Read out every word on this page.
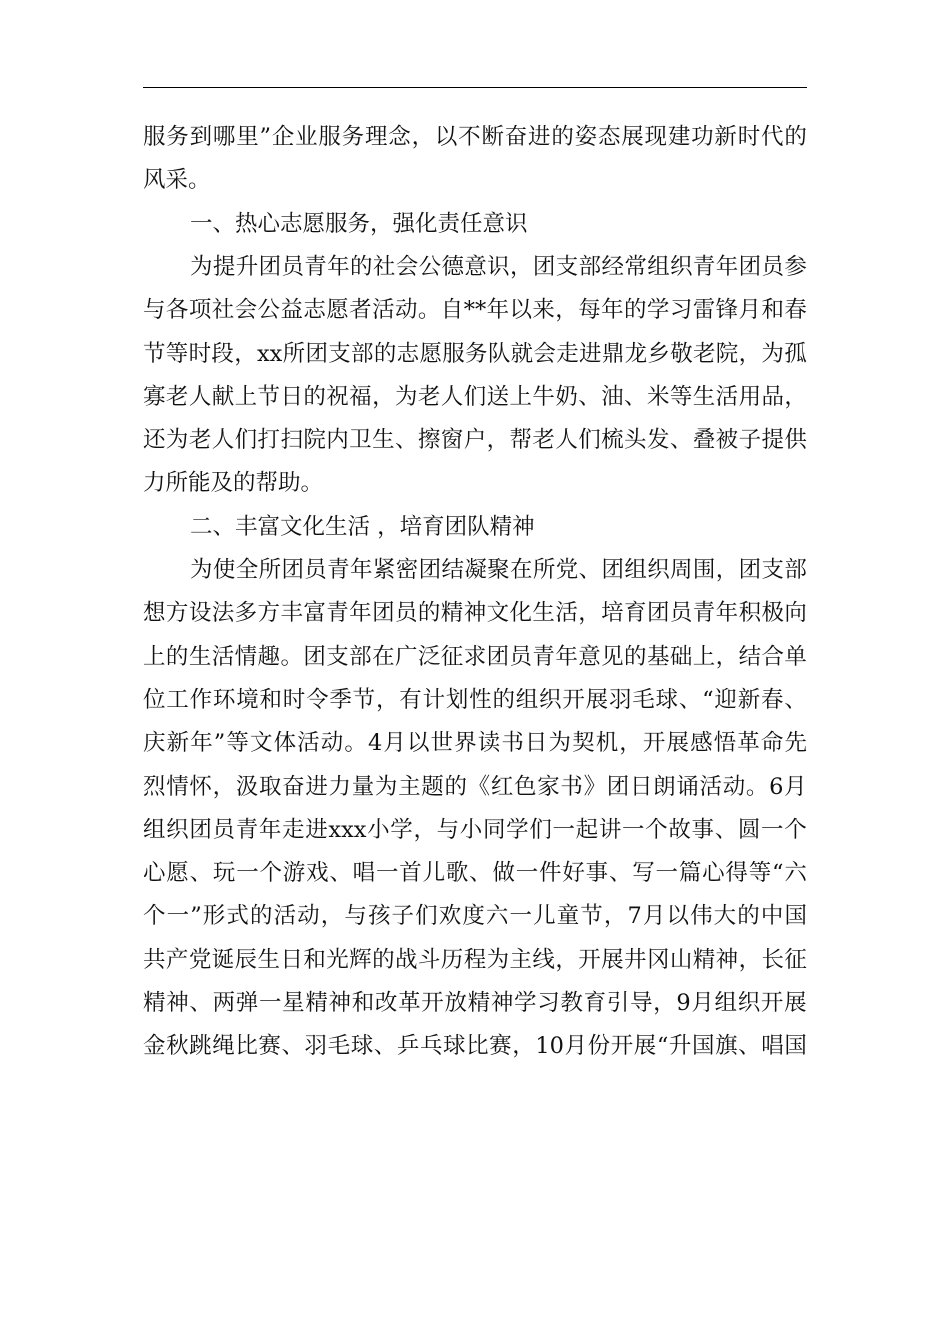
服 务 到 哪 里 ” 企 业 服 务 理 念 ， 以 不 断 奋 进 的 姿 态 展 现 建 功 新 时 代 的

风采。

一、热心志愿服务，强化责任意识

为 提 升 团 员 青 年 的 社 会 公 德 意 识 ， 团 支 部 经 常 组 织 青 年 团 员 参

与 各 项 社 会 公 益 志 愿 者 活 动 。 自 ** 年 以 来 ， 每 年 的 学 习 雷 锋 月 和 春

节 等 时 段 ， xx 所 团 支 部 的 志 愿 服 务 队 就 会 走 进 鼎 龙 乡 敬 老 院 ， 为 孤

寡 老 人 献 上 节 日 的 祝 福 ， 为 老 人 们 送 上 牛 奶 、 油 、 米 等 生 活 用 品 ，

还 为 老 人 们 打 扫 院 内 卫 生 、 擦 窗 户 ， 帮 老 人 们 梳 头 发 、 叠 被 子 提 供

力所能及的帮助。

二、丰富文化生活 ，培育团队精神

为 使 全 所 团 员 青 年 紧 密 团 结 凝 聚 在 所 党 、 团 组 织 周 围 ， 团 支 部

想 方 设 法 多 方 丰 富 青 年 团 员 的 精 神 文 化 生 活 ， 培 育 团 员 青 年 积 极 向

上 的 生 活 情 趣 。 团 支 部 在 广 泛 征 求 团 员 青 年 意 见 的 基 础 上 ， 结 合 单

位 工 作 环 境 和 时 令 季 节 ， 有 计 划 性 的 组 织 开 展 羽 毛 球 、 “ 迎 新 春 、

庆 新 年 ” 等 文 体 活 动 。 4 月 以 世 界 读 书 日 为 契 机 ， 开 展 感 悟 革 命 先

烈 情 怀 ， 汲 取 奋 进 力 量 为 主 题 的 《 红 色 家 书 》 团 日 朗 诵 活 动 。 6 月

组 织 团 员 青 年 走 进 xxx 小 学 ， 与 小 同 学 们 一 起 讲 一 个 故 事 、 圆 一 个

心 愿 、 玩 一 个 游 戏 、 唱 一 首 儿 歌 、 做 一 件 好 事 、 写 一 篇 心 得 等 “ 六

个 一 ” 形 式 的 活 动 ， 与 孩 子 们 欢 度 六 一 儿 童 节 ， 7 月 以 伟 大 的 中 国

共 产 党 诞 辰 生 日 和 光 辉 的 战 斗 历 程 为 主 线 ， 开 展 井 冈 山 精 神 ， 长 征

精 神 、 两 弹 一 星 精 神 和 改 革 开 放 精 神 学 习 教 育 引 导 ， 9 月 组 织 开 展

金 秋 跳 绳 比 赛 、 羽 毛 球 、 乒 乓 球 比 赛 ， 10 月 份 开 展 “ 升 国 旗 、 唱 国
